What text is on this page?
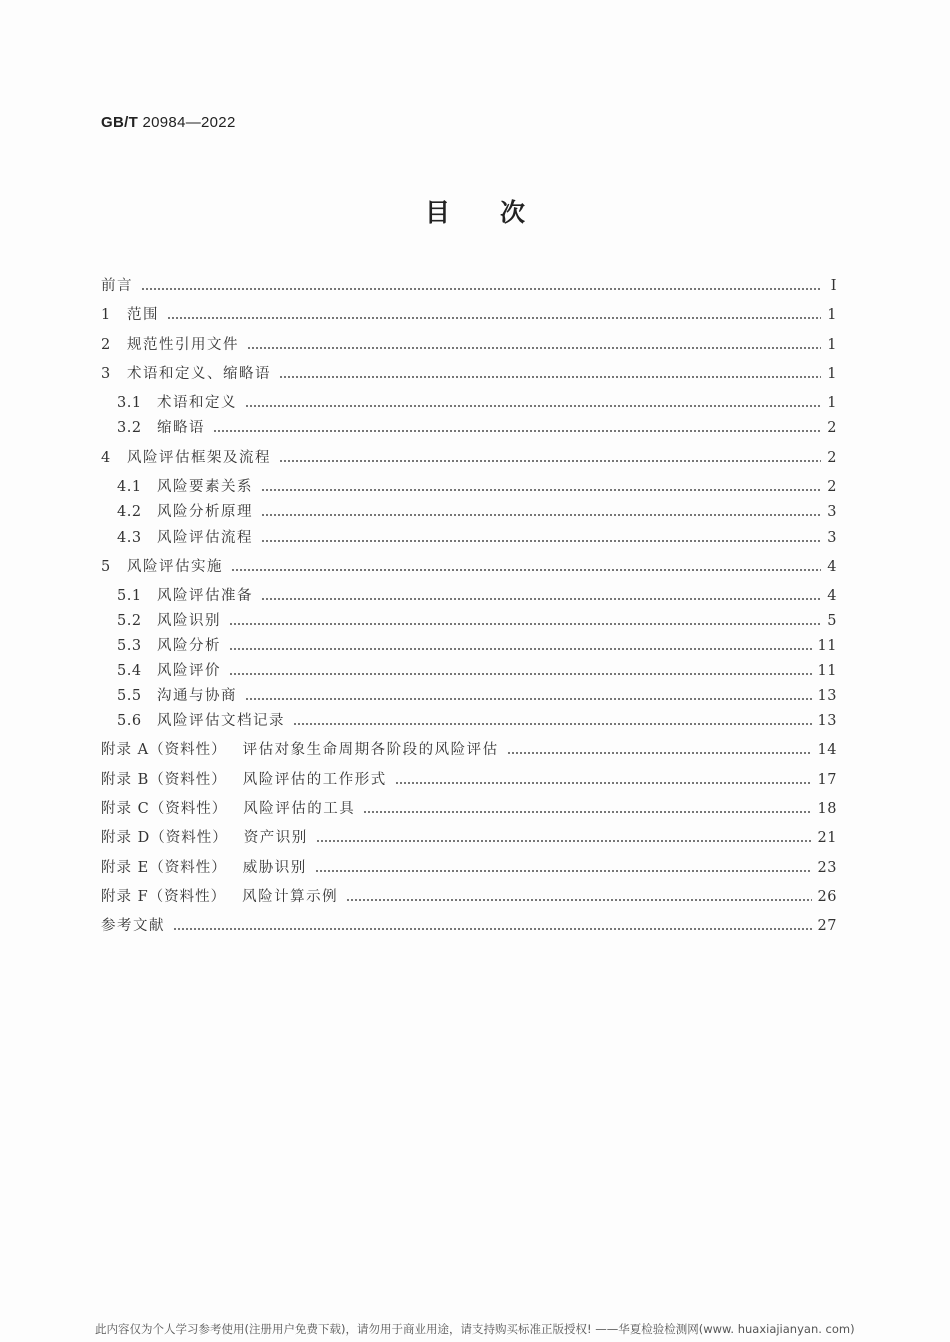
GB/T 20984—2022
目 次
前言	I
1	范围	1
2	规范性引用文件	1
3	术语和定义、缩略语	1
3.1	术语和定义	1
3.2	缩略语	2
4	风险评估框架及流程	2
4.1	风险要素关系	2
4.2	风险分析原理	3
4.3	风险评估流程	3
5	风险评估实施	4
5.1	风险评估准备	4
5.2	风险识别	5
5.3	风险分析	11
5.4	风险评价	11
5.5	沟通与协商	13
5.6	风险评估文档记录	13
附录 A（资料性） 评估对象生命周期各阶段的风险评估	14
附录 B（资料性） 风险评估的工作形式	17
附录 C（资料性） 风险评估的工具	18
附录 D（资料性） 资产识别	21
附录 E（资料性） 威胁识别	23
附录 F（资料性） 风险计算示例	26
参考文献	27
此内容仅为个人学习参考使用(注册用户免费下载)，请勿用于商业用途，请支持购买标准正版授权! ——华夏检验检测网(www. huaxiajianyan. com)
